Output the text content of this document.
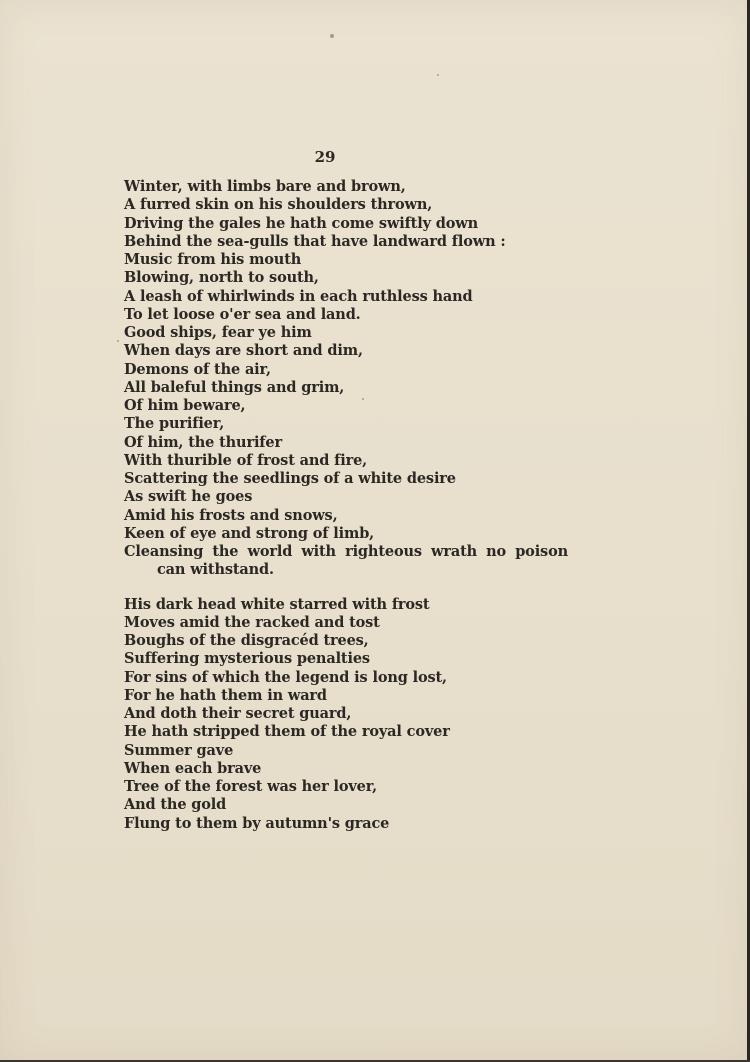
29
Winter, with limbs bare and brown,
A furred skin on his shoulders thrown,
Driving the gales he hath come swiftly down
Behind the sea-gulls that have landward flown :
Music from his mouth
Blowing, north to south,
A leash of whirlwinds in each ruthless hand
To let loose o'er sea and land.
Good ships, fear ye him
When days are short and dim,
Demons of the air,
All baleful things and grim,
Of him beware,
The purifier,
Of him, the thurifer
With thurible of frost and fire,
Scattering the seedlings of a white desire
As swift he goes
Amid his frosts and snows,
Keen of eye and strong of limb,
Cleansing the world with righteous wrath no poison
can withstand.
His dark head white starred with frost
Moves amid the racked and tost
Boughs of the disgracéd trees,
Suffering mysterious penalties
For sins of which the legend is long lost,
For he hath them in ward
And doth their secret guard,
He hath stripped them of the royal cover
Summer gave
When each brave
Tree of the forest was her lover,
And the gold
Flung to them by autumn's grace
